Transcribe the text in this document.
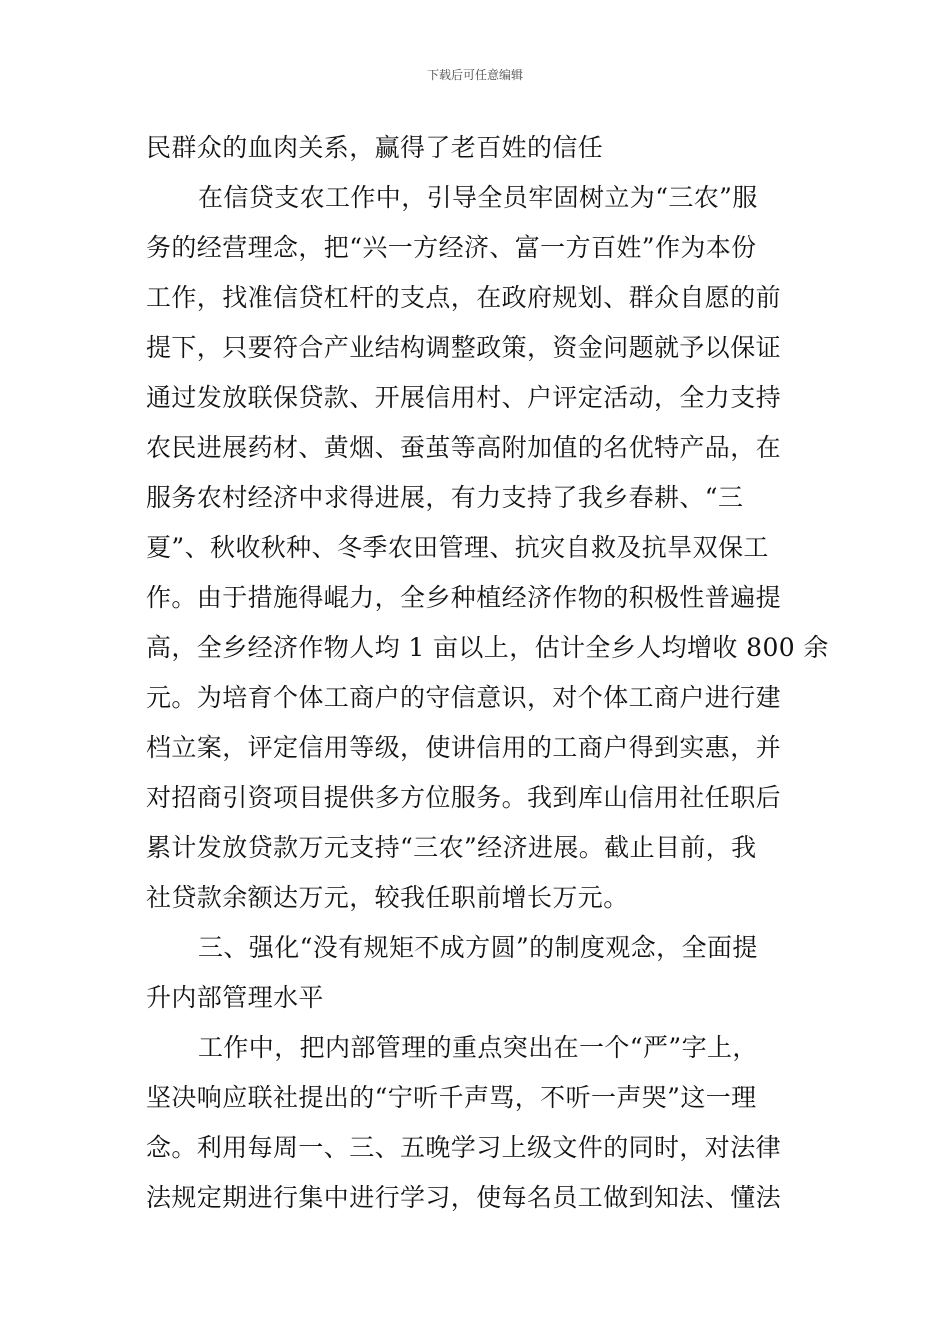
下载后可任意编辑
民群众的血肉关系，赢得了老百姓的信任
在信贷支农工作中，引导全员牢固树立为“三农”服
务的经营理念，把“兴一方经济、富一方百姓”作为本份
工作，找准信贷杠杆的支点，在政府规划、群众自愿的前
提下，只要符合产业结构调整政策，资金问题就予以保证
通过发放联保贷款、开展信用村、户评定活动，全力支持
农民进展药材、黄烟、蚕茧等高附加值的名优特产品，在
服务农村经济中求得进展，有力支持了我乡春耕、“三
夏”、秋收秋种、冬季农田管理、抗灾自救及抗旱双保工
作。由于措施得崐力，全乡种植经济作物的积极性普遍提
高，全乡经济作物人均 1 亩以上，估计全乡人均增收 800 余
元。为培育个体工商户的守信意识，对个体工商户进行建
档立案，评定信用等级，使讲信用的工商户得到实惠，并
对招商引资项目提供多方位服务。我到库山信用社任职后
累计发放贷款万元支持“三农”经济进展。截止目前，我
社贷款余额达万元，较我任职前增长万元。
三、强化“没有规矩不成方圆”的制度观念，全面提
升内部管理水平
工作中，把内部管理的重点突出在一个“严”字上，
坚决响应联社提出的“宁听千声骂，不听一声哭”这一理
念。利用每周一、三、五晚学习上级文件的同时，对法律
法规定期进行集中进行学习，使每名员工做到知法、懂法
